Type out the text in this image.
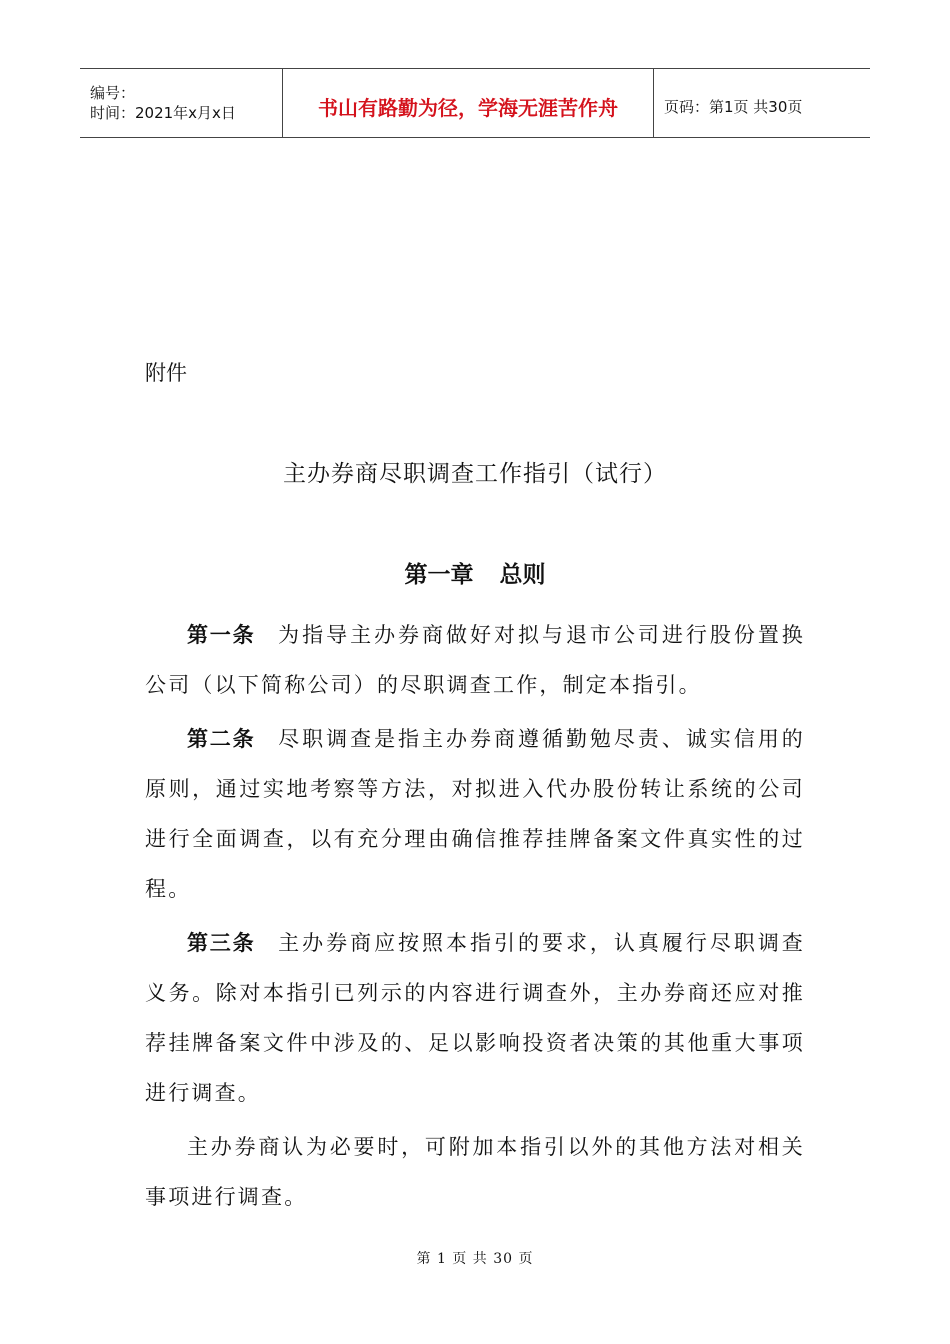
编号：
时间：2021年x月x日	书山有路勤为径，学海无涯苦作舟	页码：第1页 共30页
附件
主办券商尽职调查工作指引（试行）
第一章 总则

第一条 为指导主办券商做好对拟与退市公司进行股份置换公司（以下简称公司）的尽职调查工作，制定本指引。

第二条 尽职调查是指主办券商遵循勤勉尽责、诚实信用的原则，通过实地考察等方法，对拟进入代办股份转让系统的公司进行全面调查，以有充分理由确信推荐挂牌备案文件真实性的过程。

第三条 主办券商应按照本指引的要求，认真履行尽职调查义务。除对本指引已列示的内容进行调查外，主办券商还应对推荐挂牌备案文件中涉及的、足以影响投资者决策的其他重大事项进行调查。

主办券商认为必要时，可附加本指引以外的其他方法对相关事项进行调查。

第 1 页 共 30 页
